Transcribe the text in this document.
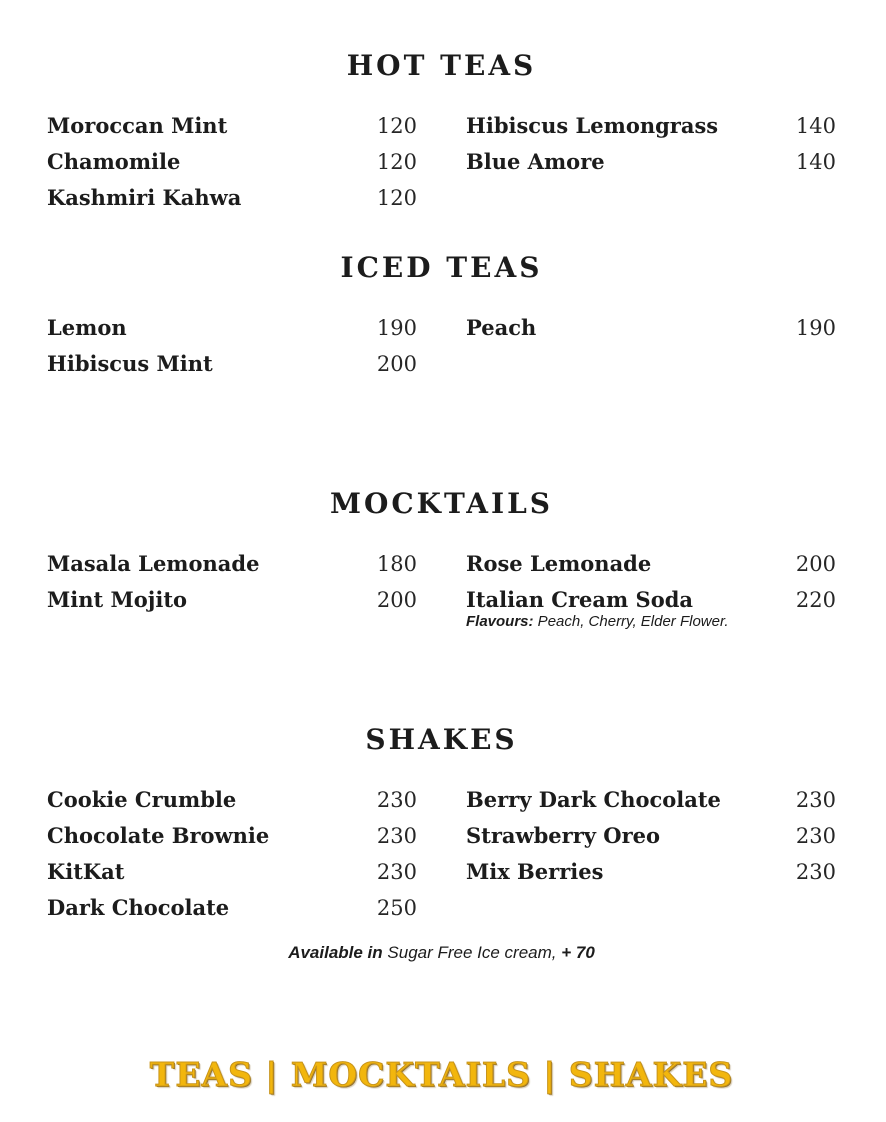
HOT TEAS
Moroccan Mint	120
Chamomile	120
Kashmiri Kahwa	120
Hibiscus Lemongrass	140
Blue Amore	140
ICED TEAS
Lemon	190
Hibiscus Mint	200
Peach	190
MOCKTAILS
Masala Lemonade	180
Mint Mojito	200
Rose Lemonade	200
Italian Cream Soda	220
Flavours: Peach, Cherry, Elder Flower.
SHAKES
Cookie Crumble	230
Chocolate Brownie	230
KitKat	230
Dark Chocolate	250
Berry Dark Chocolate	230
Strawberry Oreo	230
Mix Berries	230
Available in Sugar Free Ice cream, + 70
TEAS | MOCKTAILS | SHAKES
